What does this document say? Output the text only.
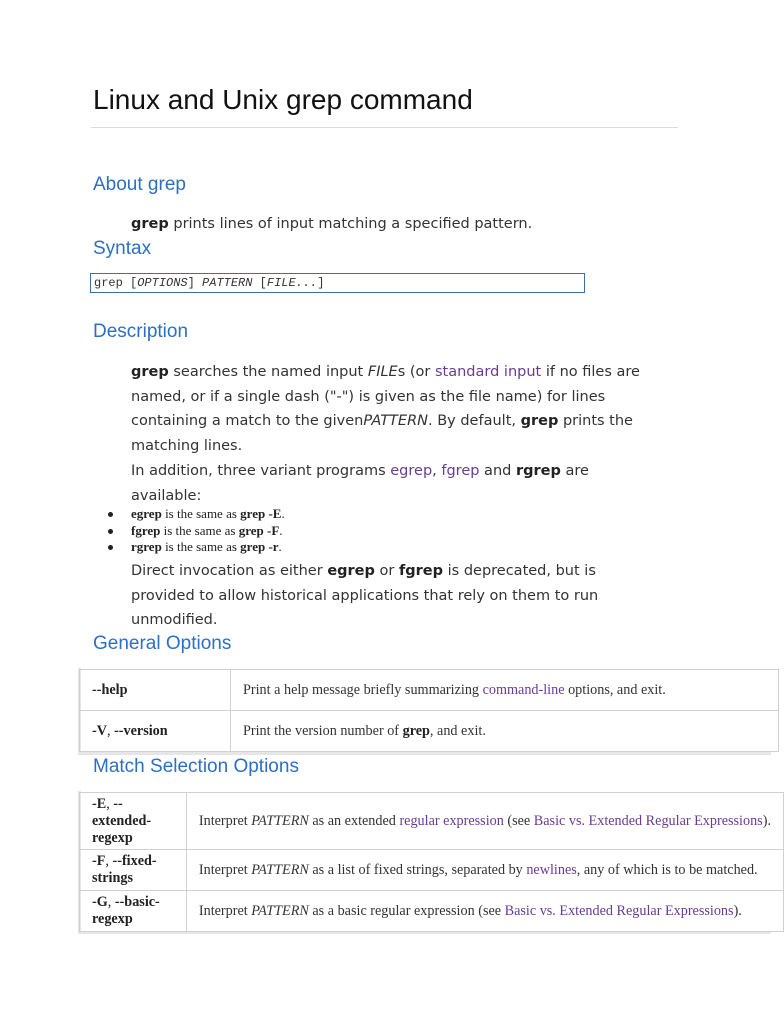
Linux and Unix grep command
About grep

grep prints lines of input matching a specified pattern.

Syntax
grep [OPTIONS] PATTERN [FILE...]
Description

grep searches the named input FILEs (or standard input if no files are named, or if a single dash ("-") is given as the file name) for lines containing a match to the givenPATTERN. By default, grep prints the matching lines.

In addition, three variant programs egrep, fgrep and rgrep are available:

egrep is the same as grep -E.
fgrep is the same as grep -F.
rgrep is the same as grep -r.

Direct invocation as either egrep or fgrep is deprecated, but is provided to allow historical applications that rely on them to run unmodified.

General Options
--help	Print a help message briefly summarizing command-line options, and exit.
-V, --version	Print the version number of grep, and exit.
Match Selection Options
-E, --extended-
regexp	Interpret PATTERN as an extended regular expression (see Basic vs. Extended Regular Expressions).
-F, --fixed-strings	Interpret PATTERN as a list of fixed strings, separated by newlines, any of which is to be matched.
-G, --basic-regexp	Interpret PATTERN as a basic regular expression (see Basic vs. Extended Regular Expressions).
